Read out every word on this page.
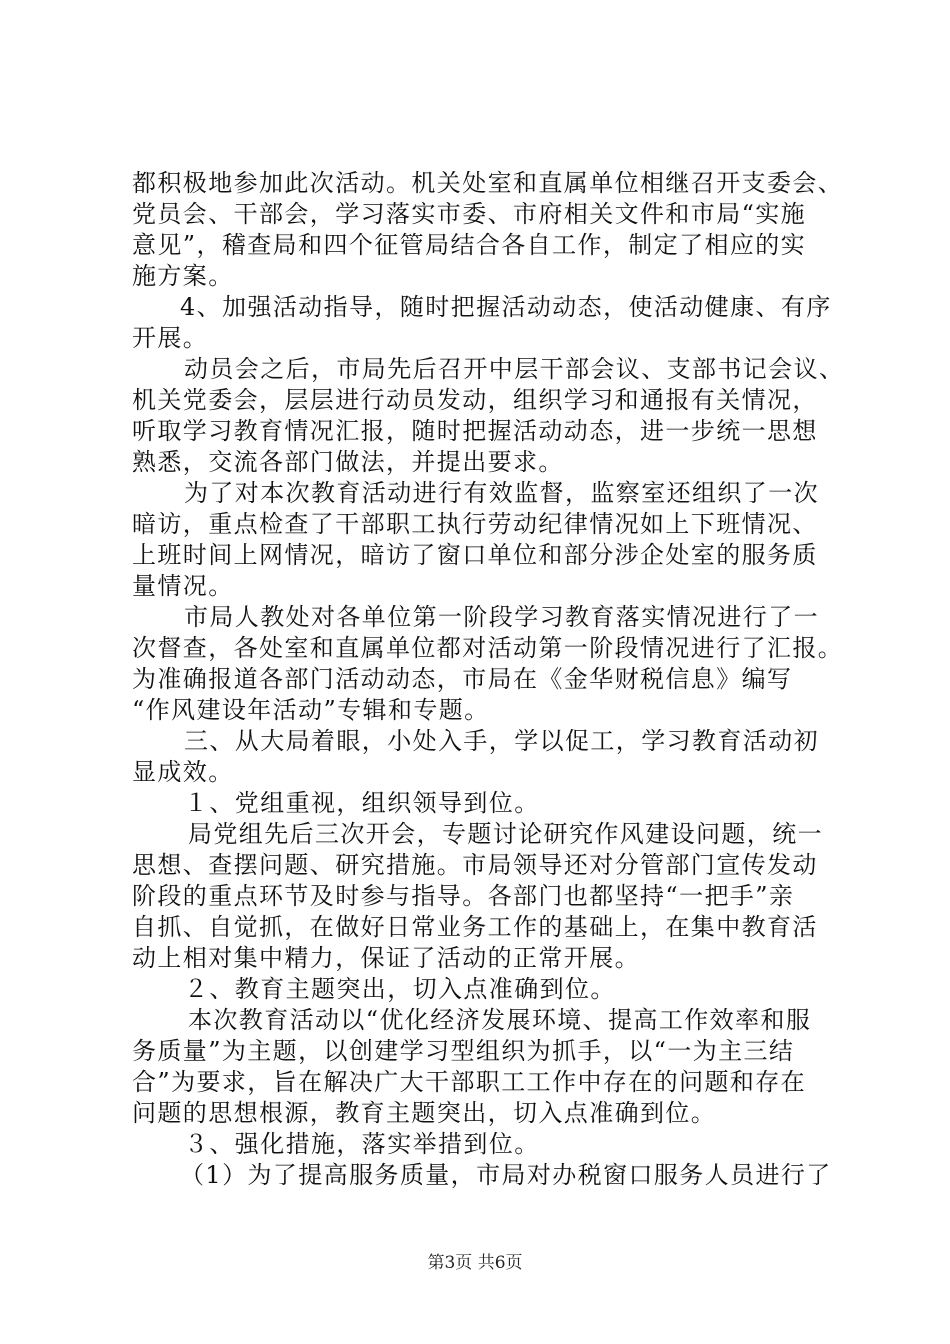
都积极地参加此次活动。机关处室和直属单位相继召开支委会、
党员会、干部会，学习落实市委、市府相关文件和市局“实施
意见”，稽查局和四个征管局结合各自工作，制定了相应的实
施方案。
4、加强活动指导，随时把握活动动态，使活动健康、有序
开展。
动员会之后，市局先后召开中层干部会议、支部书记会议、
机关党委会，层层进行动员发动，组织学习和通报有关情况，
听取学习教育情况汇报，随时把握活动动态，进一步统一思想
熟悉，交流各部门做法，并提出要求。
为了对本次教育活动进行有效监督，监察室还组织了一次
暗访，重点检查了干部职工执行劳动纪律情况如上下班情况、
上班时间上网情况，暗访了窗口单位和部分涉企处室的服务质
量情况。
市局人教处对各单位第一阶段学习教育落实情况进行了一
次督查，各处室和直属单位都对活动第一阶段情况进行了汇报。
为准确报道各部门活动动态，市局在《金华财税信息》编写
“作风建设年活动”专辑和专题。
三、从大局着眼，小处入手，学以促工，学习教育活动初
显成效。
１、党组重视，组织领导到位。
局党组先后三次开会，专题讨论研究作风建设问题，统一
思想、查摆问题、研究措施。市局领导还对分管部门宣传发动
阶段的重点环节及时参与指导。各部门也都坚持“一把手”亲
自抓、自觉抓，在做好日常业务工作的基础上，在集中教育活
动上相对集中精力，保证了活动的正常开展。
２、教育主题突出，切入点准确到位。
本次教育活动以“优化经济发展环境、提高工作效率和服
务质量”为主题，以创建学习型组织为抓手，以“一为主三结
合”为要求，旨在解决广大干部职工工作中存在的问题和存在
问题的思想根源，教育主题突出，切入点准确到位。
３、强化措施，落实举措到位。
（1）为了提高服务质量，市局对办税窗口服务人员进行了
第3页 共6页
